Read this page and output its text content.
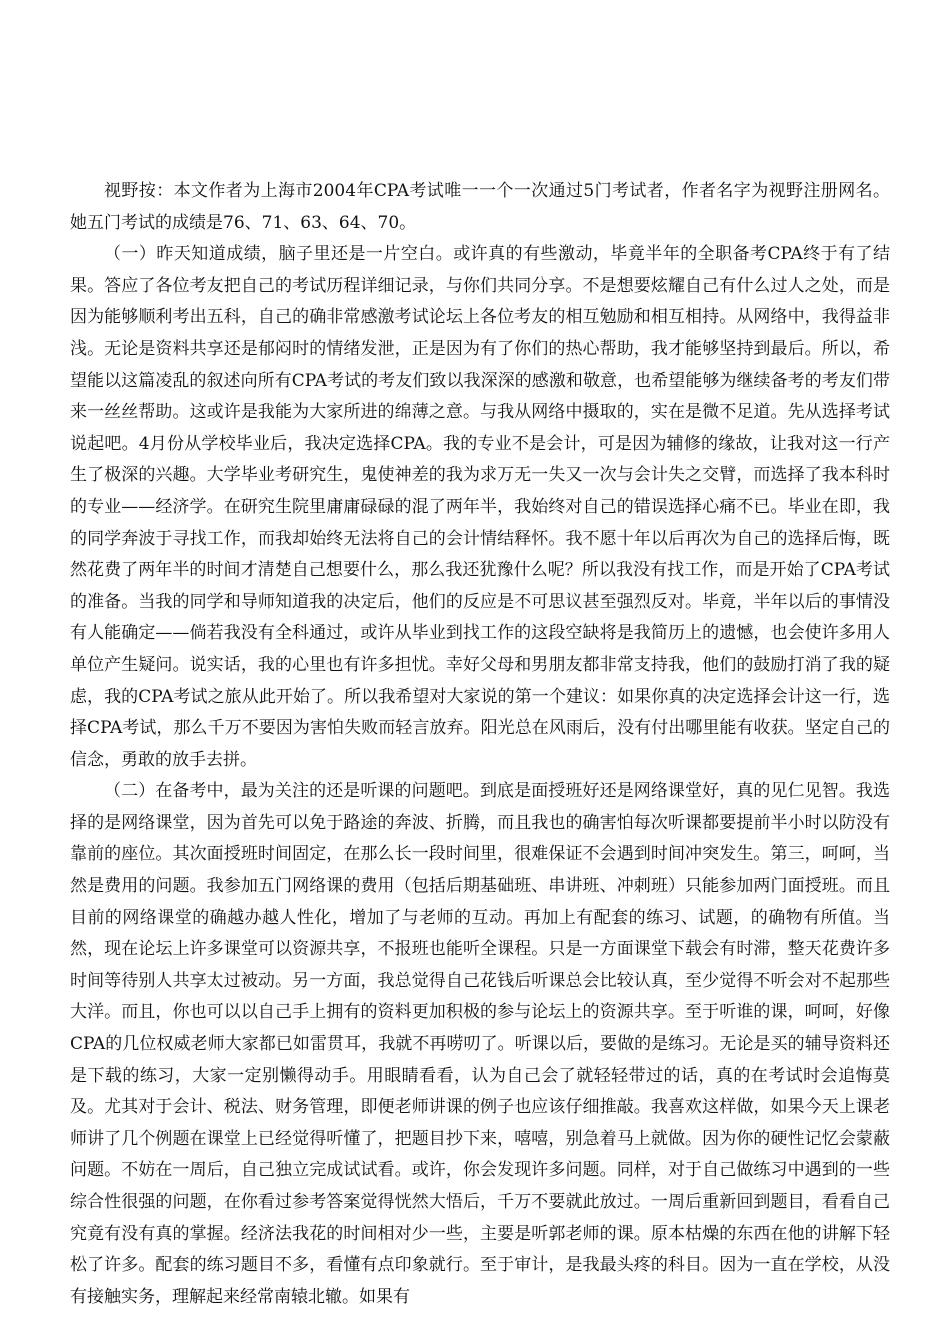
视野按：本文作者为上海市2004年CPA考试唯一一个一次通过5门考试者，作者名字为视野注册网名。她五门考试的成绩是76、71、63、64、70。

（一）昨天知道成绩，脑子里还是一片空白。或许真的有些激动，毕竟半年的全职备考CPA终于有了结果。答应了各位考友把自己的考试历程详细记录，与你们共同分享。不是想要炫耀自己有什么过人之处，而是因为能够顺利考出五科，自己的确非常感激考试论坛上各位考友的相互勉励和相互相持。从网络中，我得益非浅。无论是资料共享还是郁闷时的情绪发泄，正是因为有了你们的热心帮助，我才能够坚持到最后。所以，希望能以这篇凌乱的叙述向所有CPA考试的考友们致以我深深的感激和敬意，也希望能够为继续备考的考友们带来一丝丝帮助。这或许是我能为大家所进的绵薄之意。与我从网络中摄取的，实在是微不足道。先从选择考试说起吧。4月份从学校毕业后，我决定选择CPA。我的专业不是会计，可是因为辅修的缘故，让我对这一行产生了极深的兴趣。大学毕业考研究生，鬼使神差的我为求万无一失又一次与会计失之交臂，而选择了我本科时的专业——经济学。在研究生院里庸庸碌碌的混了两年半，我始终对自己的错误选择心痛不已。毕业在即，我的同学奔波于寻找工作，而我却始终无法将自己的会计情结释怀。我不愿十年以后再次为自己的选择后悔，既然花费了两年半的时间才清楚自己想要什么，那么我还犹豫什么呢？所以我没有找工作，而是开始了CPA考试的准备。当我的同学和导师知道我的决定后，他们的反应是不可思议甚至强烈反对。毕竟，半年以后的事情没有人能确定——倘若我没有全科通过，或许从毕业到找工作的这段空缺将是我简历上的遗憾，也会使许多用人单位产生疑问。说实话，我的心里也有许多担忧。幸好父母和男朋友都非常支持我，他们的鼓励打消了我的疑虑，我的CPA考试之旅从此开始了。所以我希望对大家说的第一个建议：如果你真的决定选择会计这一行，选择CPA考试，那么千万不要因为害怕失败而轻言放弃。阳光总在风雨后，没有付出哪里能有收获。坚定自己的信念，勇敢的放手去拼。

（二）在备考中，最为关注的还是听课的问题吧。到底是面授班好还是网络课堂好，真的见仁见智。我选择的是网络课堂，因为首先可以免于路途的奔波、折腾，而且我也的确害怕每次听课都要提前半小时以防没有靠前的座位。其次面授班时间固定，在那么长一段时间里，很难保证不会遇到时间冲突发生。第三，呵呵，当然是费用的问题。我参加五门网络课的费用（包括后期基础班、串讲班、冲刺班）只能参加两门面授班。而且目前的网络课堂的确越办越人性化，增加了与老师的互动。再加上有配套的练习、试题，的确物有所值。当然，现在论坛上许多课堂可以资源共享，不报班也能听全课程。只是一方面课堂下载会有时滞，整天花费许多时间等待别人共享太过被动。另一方面，我总觉得自己花钱后听课总会比较认真，至少觉得不听会对不起那些大洋。而且，你也可以以自己手上拥有的资料更加积极的参与论坛上的资源共享。至于听谁的课，呵呵，好像CPA的几位权威老师大家都已如雷贯耳，我就不再唠叨了。听课以后，要做的是练习。无论是买的辅导资料还是下载的练习，大家一定别懒得动手。用眼睛看看，认为自己会了就轻轻带过的话，真的在考试时会追悔莫及。尤其对于会计、税法、财务管理，即便老师讲课的例子也应该仔细推敲。我喜欢这样做，如果今天上课老师讲了几个例题在课堂上已经觉得听懂了，把题目抄下来，嘻嘻，别急着马上就做。因为你的硬性记忆会蒙蔽问题。不妨在一周后，自己独立完成试试看。或许，你会发现许多问题。同样，对于自己做练习中遇到的一些综合性很强的问题，在你看过参考答案觉得恍然大悟后，千万不要就此放过。一周后重新回到题目，看看自己究竟有没有真的掌握。经济法我花的时间相对少一些，主要是听郭老师的课。原本枯燥的东西在他的讲解下轻松了许多。配套的练习题目不多，看懂有点印象就行。至于审计，是我最头疼的科目。因为一直在学校，从没有接触实务，理解起来经常南辕北辙。如果有
